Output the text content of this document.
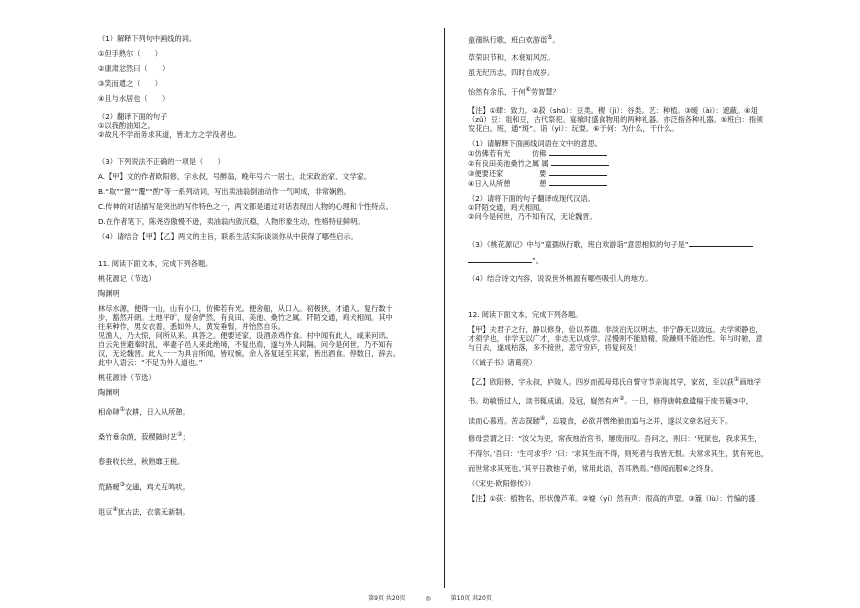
（1）解释下列句中画线的词。

①但手熟尔（　　）

②康肃忿然曰（　　）

③笑而遣之（　　）

④且与水居也（　　）

（2）翻译下面的句子

①以我酌油知之。

②故凡不学而务求其道，皆北方之学没者也。

（3）下列说法不正确的一项是（　　）

A.【甲】文的作者欧阳修，字永叔，号醉翁，晚年号六一居士，北宋政治家、文学家。

B.“取”“置”“覆”“酌”等一系列动词，写出卖油翁倒油动作一气呵成，非常娴熟。

C.传神的对话描写是突出的写作特色之一，两文都是通过对话表现出人物的心理和个性特点。

D.在作者笔下，陈尧咨傲慢不逊，卖油翁内敛沉稳，人物形象生动，性格特征鲜明。

（4）请结合【甲】【乙】两文的主旨，联系生活实际谈谈你从中获得了哪些启示。

11. 阅读下面文本，完成下列各题。

桃花源记（节选）

陶渊明

林尽水源，便得一山，山有小口，仿佛若有光。便舍船，从口入。初极狭，才通人。复行数十

步，豁然开朗。土地平旷，屋舍俨然，有良田、美池、桑竹之属。阡陌交通，鸡犬相闻。其中

往来种作，男女衣着，悉如外人，黄发垂髫，并怡然自乐。

见渔人，乃大惊，问所从来。具答之。便要还家，设酒杀鸡作食。村中闻有此人，咸来问讯。

自云先世避秦时乱，率妻子邑人来此绝境，不复出焉，遂与外人间隔。问今是何世，乃不知有

汉，无论魏晋。此人一一为具言所闻，皆叹惋。余人各复延至其家，皆出酒食。停数日，辞去。

此中人语云：“不足为外人道也。”

桃花源诗（节选）

陶渊明

相命肆①农耕，日入从所憩。

桑竹垂余荫，菽稷随时艺②；

春蚕收长丝，秋熟靡王税。

荒路暧③交通，鸡犬互鸣吠。

俎豆④犹古法，衣裳无新制。

童孺纵行歌，班白欢游诣⑤。

草荣识节和，木衰知风厉。

虽无纪历志，四时自成岁。

怡然有余乐，于何⑥劳智慧？

【注】①肆：致力。②菽（shū）：豆类。稷（jì）：谷类。艺：种植。③暧（ài）：遮蔽。④俎

（zǔ）豆：俎和豆，古代祭祀、宴飨时盛食物用的两种礼器。亦泛指各种礼器。⑤班白：指须

发花白。班，通“斑”。诣（yì）：玩耍。⑥于何：为什么，干什么。

（1）请解释下面画线词语在文中的意思。

①仿佛若有光　　　	仿佛

②有良田美池桑竹之属 属

③便要还家　　　　　	要

④日入从所憩　　　　	憩

（2）请将下面的句子翻译成现代汉语。

①阡陌交通，鸡犬相闻。

②问今是何世，乃不知有汉，无论魏晋。

（3）《桃花源记》中与“童孺纵行歌，班白欢游诣”意思相似的句子是“

”。

（4）结合诗文内容，说说世外桃源有哪些吸引人的地方。

12. 阅读下面文本，完成下列各题。

【甲】夫君子之行，静以修身，俭以养德。非淡泊无以明志，非宁静无以致远。夫学须静也，

才须学也，非学无以广才，非志无以成学。淫慢则不能励精，险躁则不能冶性。年与时驰，意

与日去，遂成枯落，多不接世，悲守穷庐，将复何及！

（《诫子书》诸葛亮）

【乙】欧阳修，字永叔，庐陵人。四岁而孤母郑氏自誓守节亲诲其学，家贫，至以荻①画地学

书。幼敏悟过人，读书辄成诵。及冠，嶷然有声②。一日，修得唐韩愈遗稿于废书簏③中，

读而心慕焉。苦志探赜④，忘寝食，必欲并辔绝驰而追与之并，遂以文章名冠天下。

修母尝谓之曰：“汝父为吏，常夜烛治官书，屡废而叹。吾问之，则曰：‘死狱也，我求其生，

不得尔。’吾曰：‘生可求乎？’曰：‘求其生而不得，则死者与我皆无恨。夫常求其生，犹有死也，

而世常求其死也。’其平日教他子弟，常用此语，吾耳熟焉。”修闻而服⑥之终身。

（《宋史·欧阳修传》）

【注】①荻：植物名，形状像芦苇。②嶷（yí）然有声：很高的声望。③簏（lù）：竹编的盛

第9页 共20页	◎	第10页 共20页
